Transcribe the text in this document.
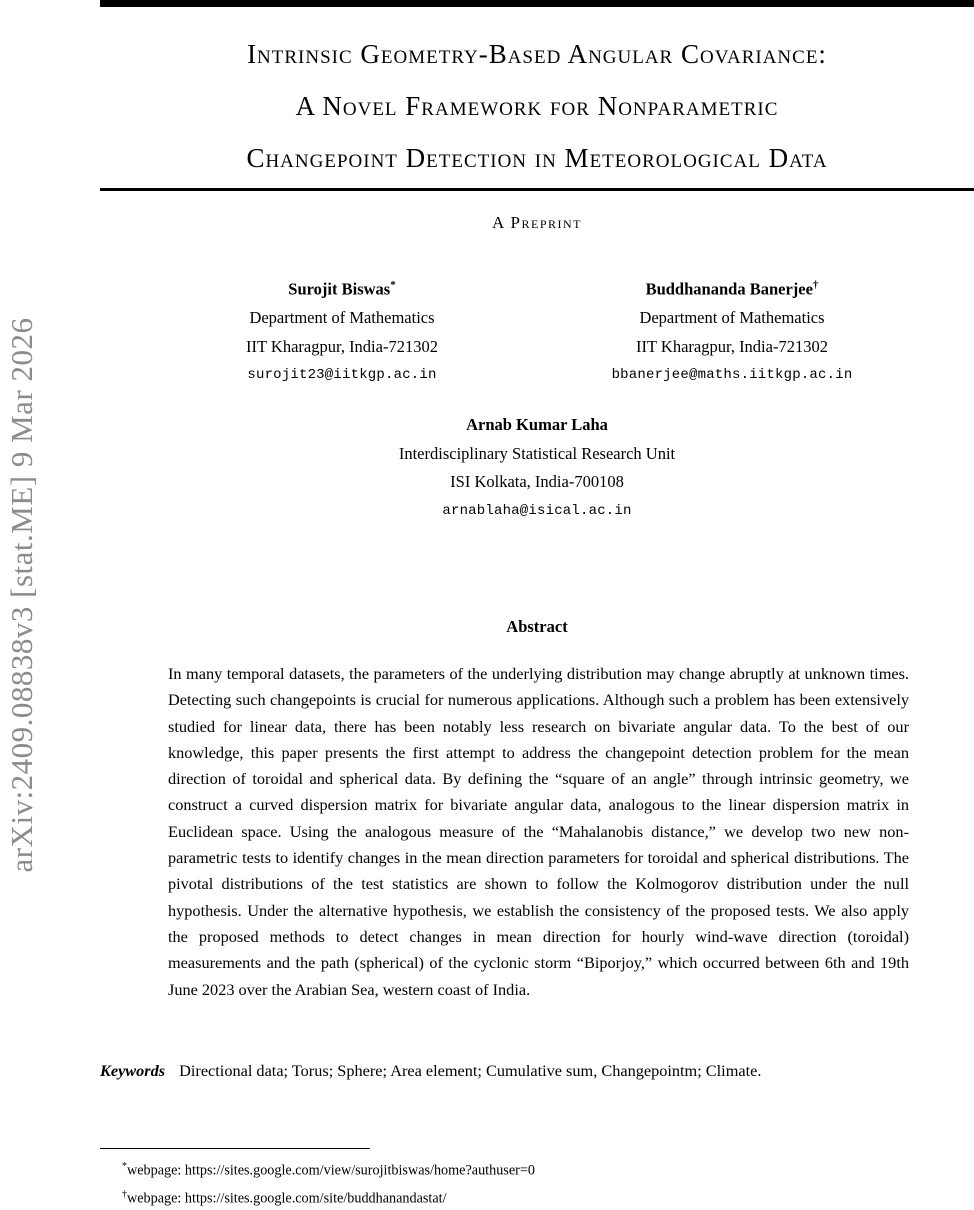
arXiv:2409.08838v3 [stat.ME] 9 Mar 2026
Intrinsic Geometry-Based Angular Covariance:
A Novel Framework for Nonparametric
Changepoint Detection in Meteorological Data
A Preprint
Surojit Biswas*
Department of Mathematics
IIT Kharagpur, India-721302
surojit23@iitkgp.ac.in
Buddhananda Banerjee†
Department of Mathematics
IIT Kharagpur, India-721302
bbanerjee@maths.iitkgp.ac.in
Arnab Kumar Laha
Interdisciplinary Statistical Research Unit
ISI Kolkata, India-700108
arnablaha@isical.ac.in
Abstract
In many temporal datasets, the parameters of the underlying distribution may change abruptly at unknown times. Detecting such changepoints is crucial for numerous applications. Although such a problem has been extensively studied for linear data, there has been notably less research on bivariate angular data. To the best of our knowledge, this paper presents the first attempt to address the changepoint detection problem for the mean direction of toroidal and spherical data. By defining the “square of an angle” through intrinsic geometry, we construct a curved dispersion matrix for bivariate angular data, analogous to the linear dispersion matrix in Euclidean space. Using the analogous measure of the “Mahalanobis distance,” we develop two new non-parametric tests to identify changes in the mean direction parameters for toroidal and spherical distributions. The pivotal distributions of the test statistics are shown to follow the Kolmogorov distribution under the null hypothesis. Under the alternative hypothesis, we establish the consistency of the proposed tests. We also apply the proposed methods to detect changes in mean direction for hourly wind-wave direction (toroidal) measurements and the path (spherical) of the cyclonic storm “Biporjoy,” which occurred between 6th and 19th June 2023 over the Arabian Sea, western coast of India.
Keywords Directional data; Torus; Sphere; Area element; Cumulative sum, Changepointm; Climate.
*webpage: https://sites.google.com/view/surojitbiswas/home?authuser=0
†webpage: https://sites.google.com/site/buddhanandastat/
